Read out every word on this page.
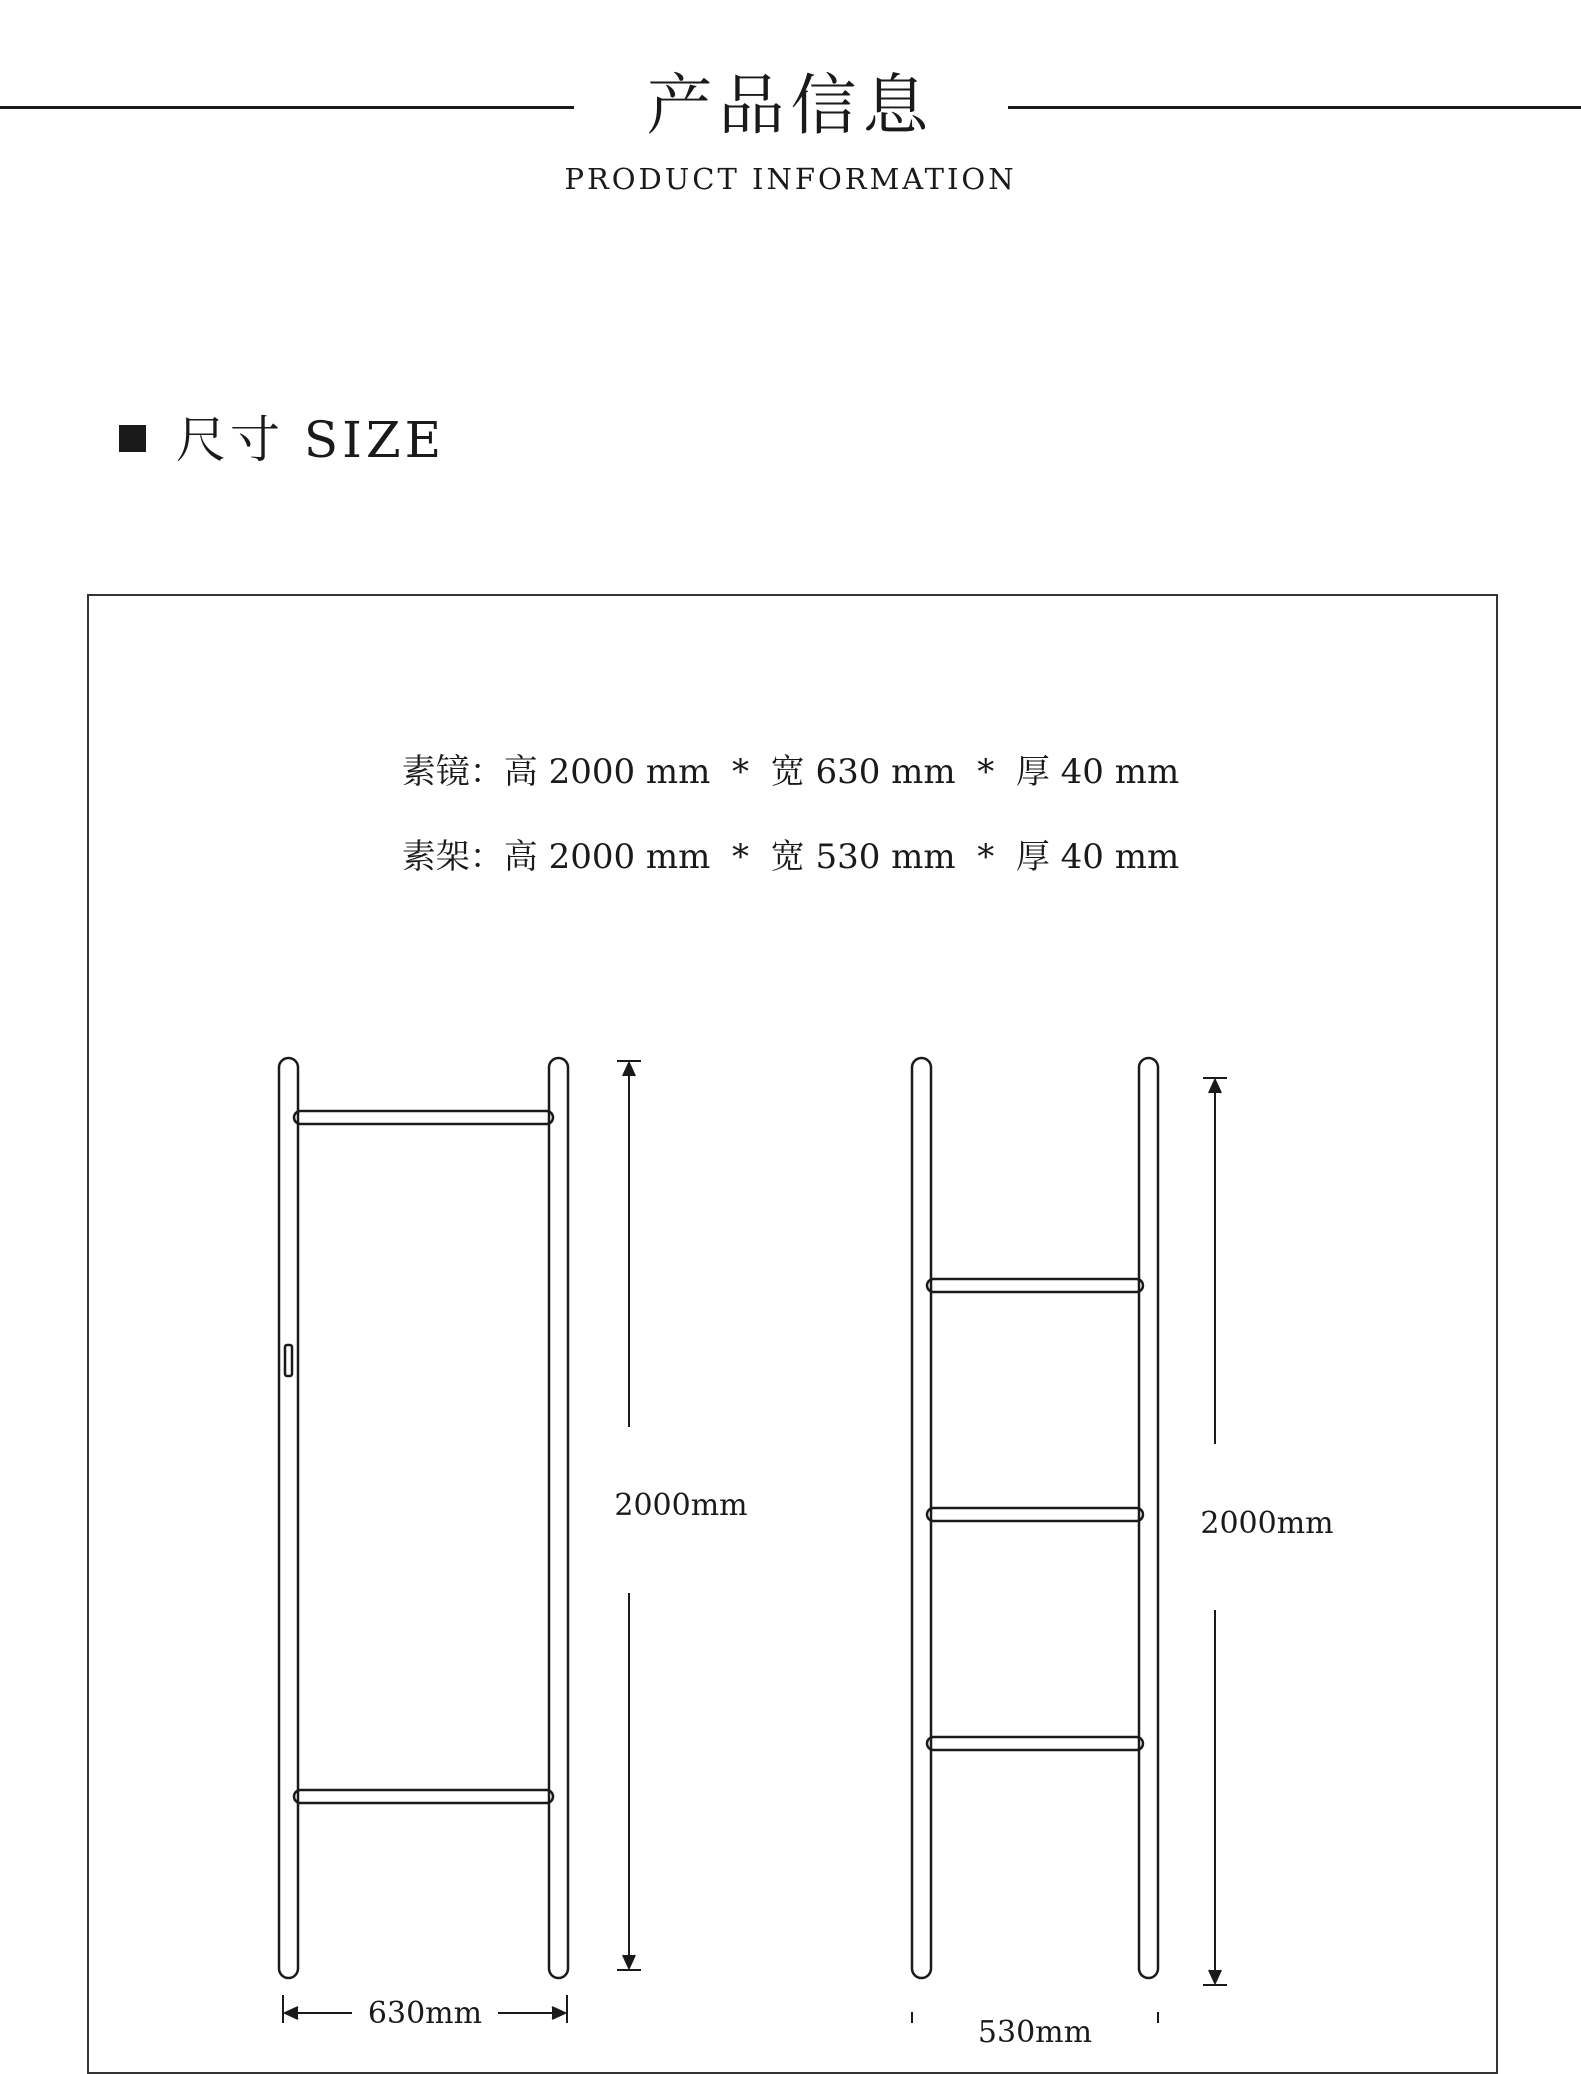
产品信息
PRODUCT INFORMATION
尺寸 SIZE
素镜：高 2000 mm  *  宽 630 mm  *  厚 40 mm
素架：高 2000 mm  *  宽 530 mm  *  厚 40 mm
2000mm
630mm
2000mm
530mm
